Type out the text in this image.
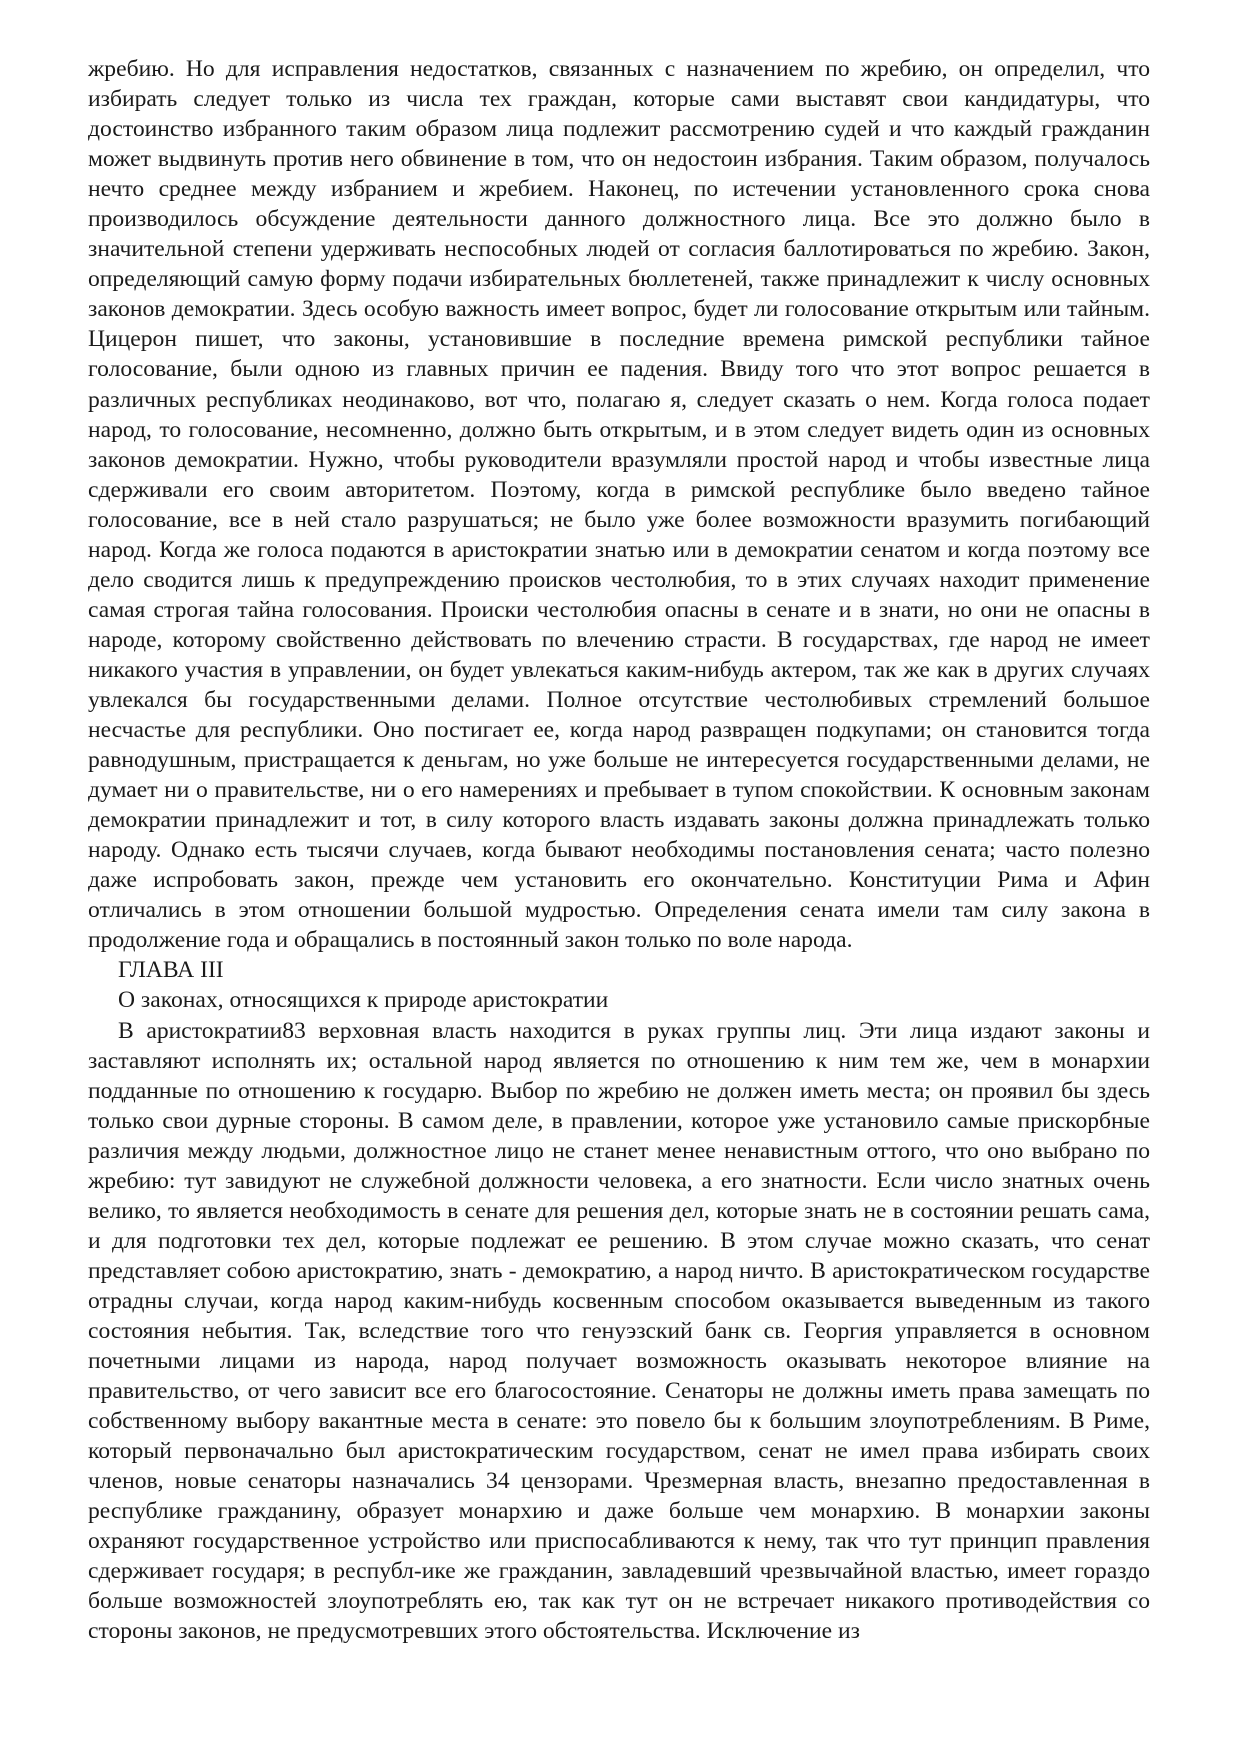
жребию. Но для исправления недостатков, связанных с назначением по жребию, он определил, что избирать следует только из числа тех граждан, которые сами выставят свои кандидатуры, что достоинство избранного таким образом лица подлежит рассмотрению судей и что каждый гражданин может выдвинуть против него обвинение в том, что он недостоин избрания. Таким образом, получалось нечто среднее между избранием и жребием. Наконец, по истечении установленного срока снова производилось обсуждение деятельности данного должностного лица. Все это должно было в значительной степени удерживать неспособных людей от согласия баллотироваться по жребию. Закон, определяющий самую форму подачи избирательных бюллетеней, также принадлежит к числу основных законов демократии. Здесь особую важность имеет вопрос, будет ли голосование открытым или тайным. Цицерон пишет, что законы, установившие в последние времена римской республики тайное голосование, были одною из главных причин ее падения. Ввиду того что этот вопрос решается в различных республиках неодинаково, вот что, полагаю я, следует сказать о нем. Когда голоса подает народ, то голосование, несомненно, должно быть открытым, и в этом следует видеть один из основных законов демократии. Нужно, чтобы руководители вразумляли простой народ и чтобы известные лица сдерживали его своим авторитетом. Поэтому, когда в римской республике было введено тайное голосование, все в ней стало разрушаться; не было уже более возможности вразумить погибающий народ. Когда же голоса подаются в аристократии знатью или в демократии сенатом и когда поэтому все дело сводится лишь к предупреждению происков честолюбия, то в этих случаях находит применение самая строгая тайна голосования. Происки честолюбия опасны в сенате и в знати, но они не опасны в народе, которому свойственно действовать по влечению страсти. В государствах, где народ не имеет никакого участия в управлении, он будет увлекаться каким-нибудь актером, так же как в других случаях увлекался бы государственными делами. Полное отсутствие честолюбивых стремлений большое несчастье для республики. Оно постигает ее, когда народ развращен подкупами; он становится тогда равнодушным, пристращается к деньгам, но уже больше не интересуется государственными делами, не думает ни о правительстве, ни о его намерениях и пребывает в тупом спокойствии. К основным законам демократии принадлежит и тот, в силу которого власть издавать законы должна принадлежать только народу. Однако есть тысячи случаев, когда бывают необходимы постановления сената; часто полезно даже испробовать закон, прежде чем установить его окончательно. Конституции Рима и Афин отличались в этом отношении большой мудростью. Определения сената имели там силу закона в продолжение года и обращались в постоянный закон только по воле народа.

ГЛАВА III

О законах, относящихся к природе аристократии

В аристократии83 верховная власть находится в руках группы лиц. Эти лица издают законы и заставляют исполнять их; остальной народ является по отношению к ним тем же, чем в монархии подданные по отношению к государю. Выбор по жребию не должен иметь места; он проявил бы здесь только свои дурные стороны. В самом деле, в правлении, которое уже установило самые прискорбные различия между людьми, должностное лицо не станет менее ненавистным оттого, что оно выбрано по жребию: тут завидуют не служебной должности человека, а его знатности. Если число знатных очень велико, то является необходимость в сенате для решения дел, которые знать не в состоянии решать сама, и для подготовки тех дел, которые подлежат ее решению. В этом случае можно сказать, что сенат представляет собою аристократию, знать - демократию, а народ ничто. В аристократическом государстве отрадны случаи, когда народ каким-нибудь косвенным способом оказывается выведенным из такого состояния небытия. Так, вследствие того что генуэзский банк св. Георгия управляется в основном почетными лицами из народа, народ получает возможность оказывать некоторое влияние на правительство, от чего зависит все его благосостояние. Сенаторы не должны иметь права замещать по собственному выбору вакантные места в сенате: это повело бы к большим злоупотреблениям. В Риме, который первоначально был аристократическим государством, сенат не имел права избирать своих членов, новые сенаторы назначались 34 цензорами. Чрезмерная власть, внезапно предоставленная в республике гражданину, образует монархию и даже больше чем монархию. В монархии законы охраняют государственное устройство или приспосабливаются к нему, так что тут принцип правления сдерживает государя; в республ-ике же гражданин, завладевший чрезвычайной властью, имеет гораздо больше возможностей злоупотреблять ею, так как тут он не встречает никакого противодействия со стороны законов, не предусмотревших этого обстоятельства. Исключение из
